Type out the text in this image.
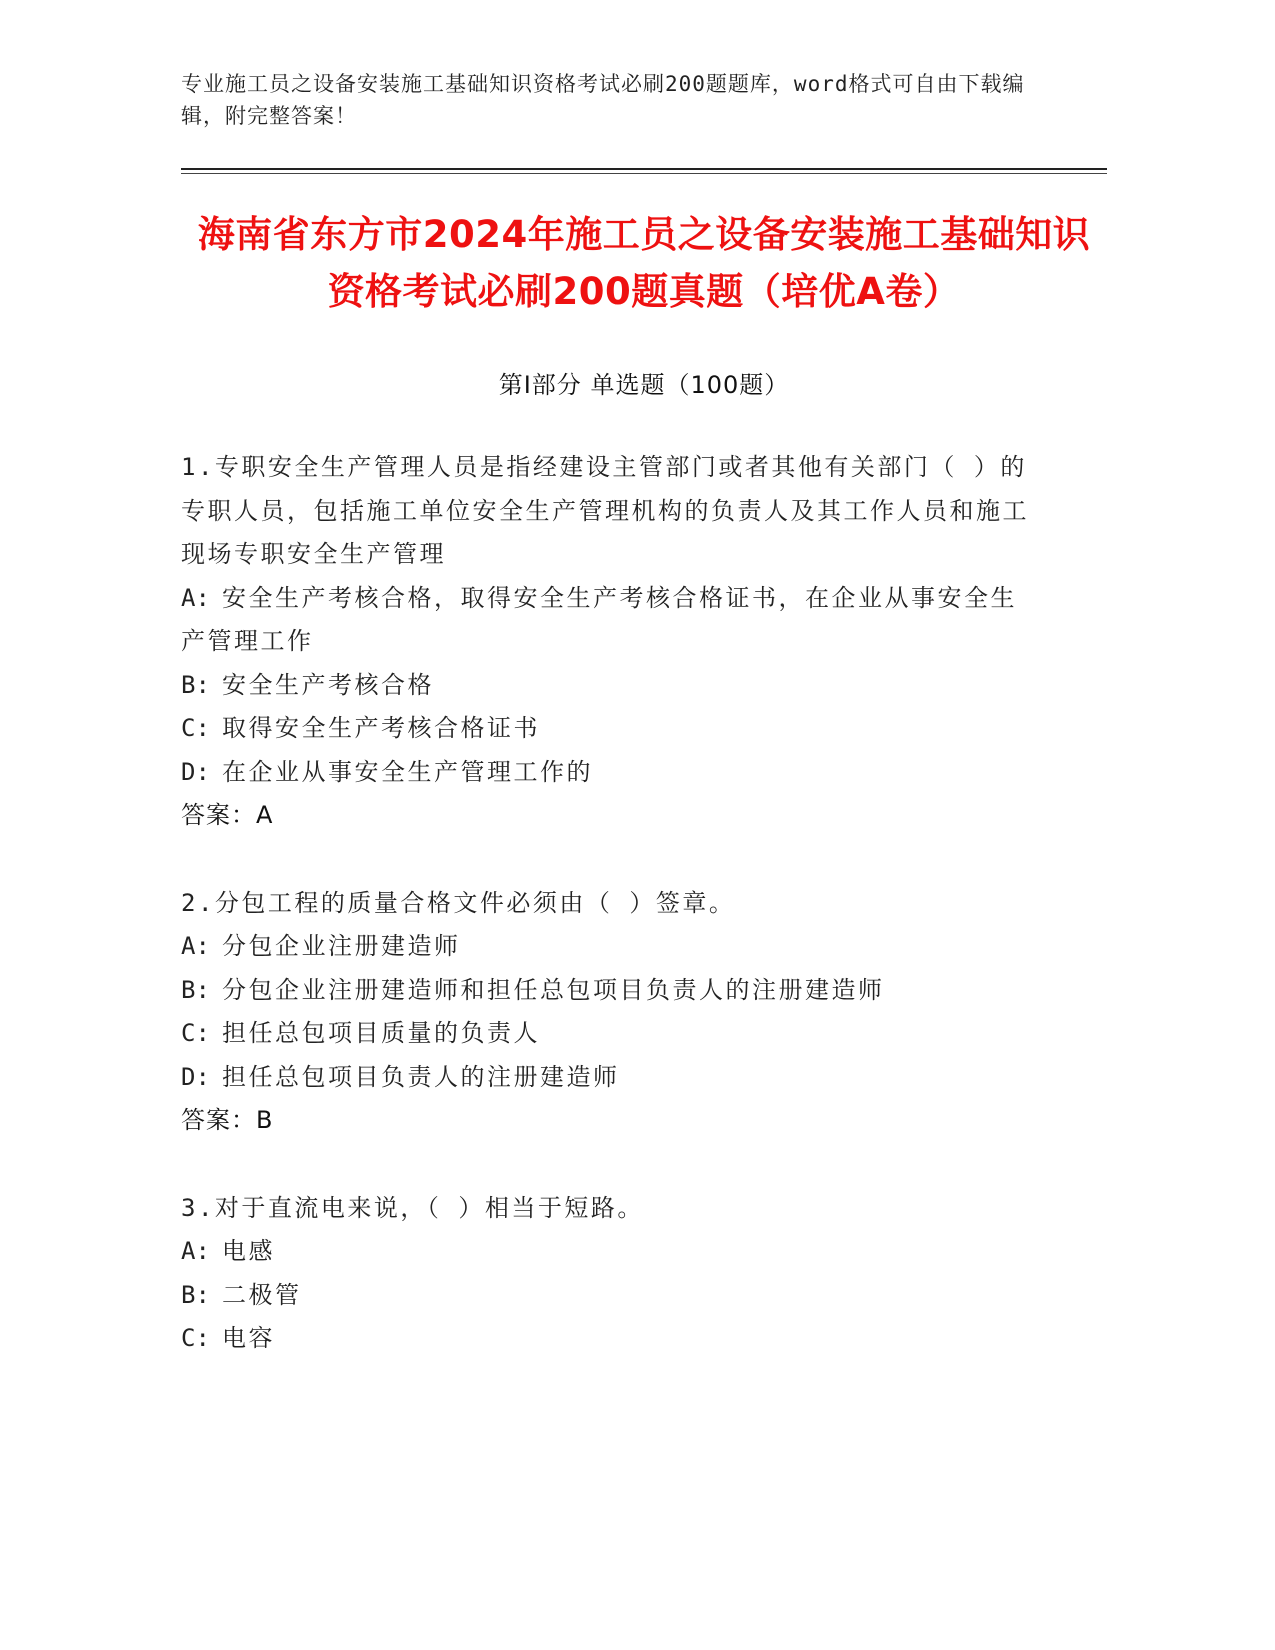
专业施工员之设备安装施工基础知识资格考试必刷200题题库，word格式可自由下载编辑，附完整答案！
海南省东方市2024年施工员之设备安装施工基础知识资格考试必刷200题真题（培优A卷）
第I部分 单选题（100题）
1.专职安全生产管理人员是指经建设主管部门或者其他有关部门（ ）的专职人员，包括施工单位安全生产管理机构的负责人及其工作人员和施工现场专职安全生产管理
A: 安全生产考核合格，取得安全生产考核合格证书，在企业从事安全生产管理工作
B: 安全生产考核合格
C: 取得安全生产考核合格证书
D: 在企业从事安全生产管理工作的
答案：A
2.分包工程的质量合格文件必须由（ ）签章。
A: 分包企业注册建造师
B: 分包企业注册建造师和担任总包项目负责人的注册建造师
C: 担任总包项目质量的负责人
D: 担任总包项目负责人的注册建造师
答案：B
3.对于直流电来说，（ ）相当于短路。
A: 电感
B: 二极管
C: 电容
